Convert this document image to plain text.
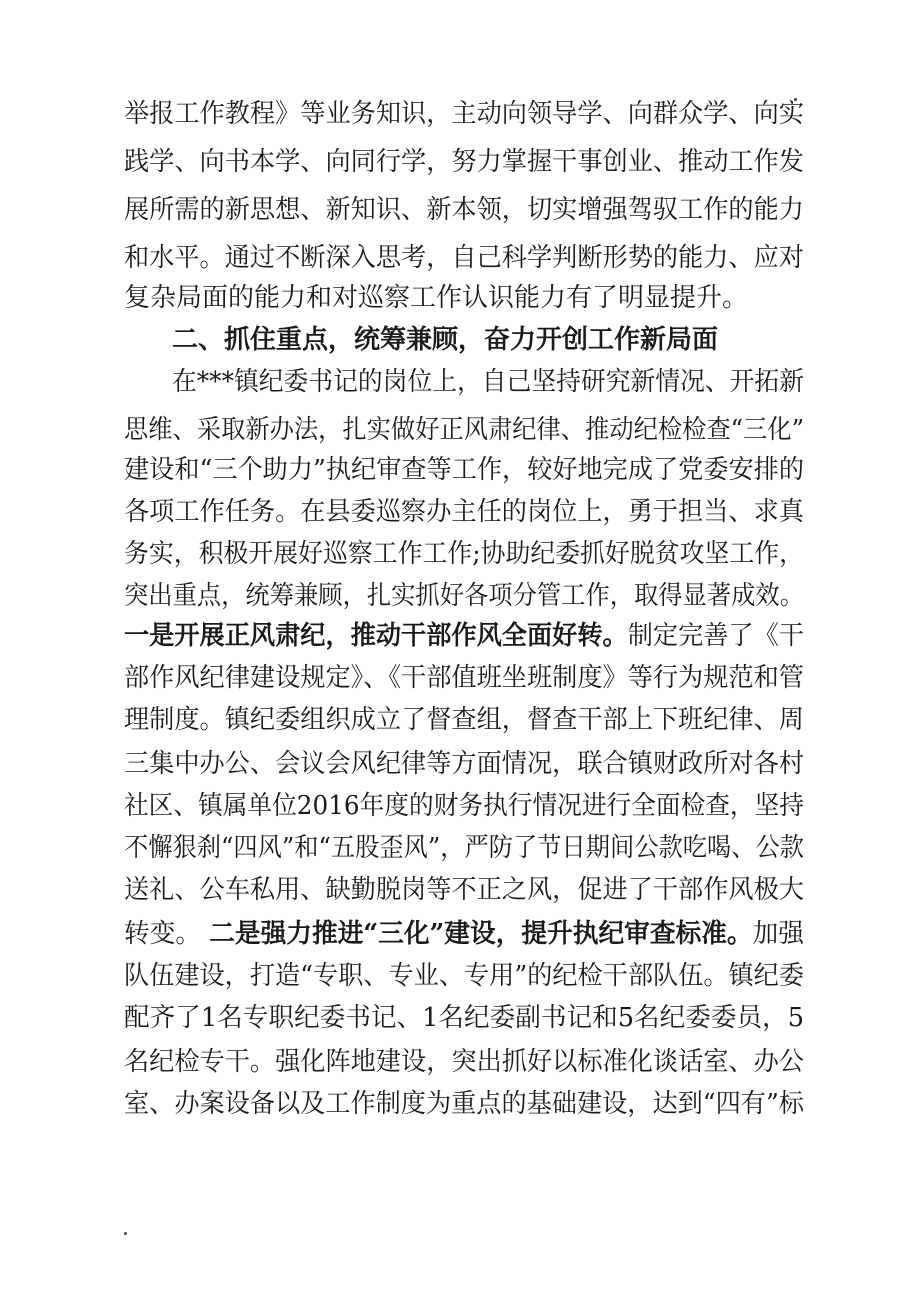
举报工作教程》等业务知识，主动向领导学、向群众学、向实
践学、向书本学、向同行学，努力掌握干事创业、推动工作发
展所需的新思想、新知识、新本领，切实增强驾驭工作的能力
和水平。通过不断深入思考，自己科学判断形势的能力、应对
复杂局面的能力和对巡察工作认识能力有了明显提升。
二、抓住重点，统筹兼顾，奋力开创工作新局面
在***镇纪委书记的岗位上，自己坚持研究新情况、开拓新
思维、采取新办法，扎实做好正风肃纪律、推动纪检检查“三化”
建设和“三个助力”执纪审查等工作，较好地完成了党委安排的
各项工作任务。在县委巡察办主任的岗位上，勇于担当、求真
务实，积极开展好巡察工作工作;协助纪委抓好脱贫攻坚工作，
突出重点，统筹兼顾，扎实抓好各项分管工作，取得显著成效。
一是开展正风肃纪，推动干部作风全面好转。制定完善了《干
部作风纪律建设规定》、《干部值班坐班制度》等行为规范和管
理制度。镇纪委组织成立了督查组，督查干部上下班纪律、周
三集中办公、会议会风纪律等方面情况，联合镇财政所对各村
社区、镇属单位2016年度的财务执行情况进行全面检查，坚持
不懈狠刹“四风”和“五股歪风”，严防了节日期间公款吃喝、公款
送礼、公车私用、缺勤脱岗等不正之风，促进了干部作风极大
转变。 二是强力推进“三化”建设，提升执纪审查标准。加强
队伍建设，打造“专职、专业、专用”的纪检干部队伍。镇纪委
配齐了1名专职纪委书记、1名纪委副书记和5名纪委委员，5
名纪检专干。强化阵地建设，突出抓好以标准化谈话室、办公
室、办案设备以及工作制度为重点的基础建设，达到“四有”标
